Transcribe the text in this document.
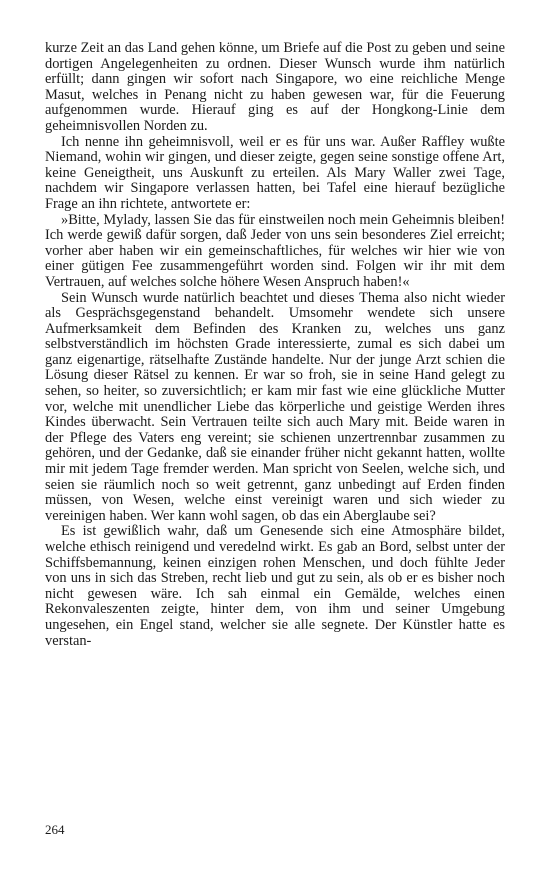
kurze Zeit an das Land gehen könne, um Briefe auf die Post zu geben und seine dortigen Angelegenheiten zu ordnen. Dieser Wunsch wurde ihm natürlich erfüllt; dann gingen wir sofort nach Singapore, wo eine reichliche Menge Masut, welches in Penang nicht zu haben gewesen war, für die Feuerung aufgenommen wurde. Hierauf ging es auf der Hongkong-Linie dem geheimnisvollen Norden zu.

Ich nenne ihn geheimnisvoll, weil er es für uns war. Außer Raffley wußte Niemand, wohin wir gingen, und dieser zeigte, gegen seine sonstige offene Art, keine Geneigtheit, uns Auskunft zu erteilen. Als Mary Waller zwei Tage, nachdem wir Singapore verlassen hatten, bei Tafel eine hierauf bezügliche Frage an ihn richtete, antwortete er:

»Bitte, Mylady, lassen Sie das für einstweilen noch mein Geheimnis bleiben! Ich werde gewiß dafür sorgen, daß Jeder von uns sein besonderes Ziel erreicht; vorher aber haben wir ein gemeinschaftliches, für welches wir hier wie von einer gütigen Fee zusammengeführt worden sind. Folgen wir ihr mit dem Vertrauen, auf welches solche höhere Wesen Anspruch haben!«

Sein Wunsch wurde natürlich beachtet und dieses Thema also nicht wieder als Gesprächsgegenstand behandelt. Umsomehr wendete sich unsere Aufmerksamkeit dem Befinden des Kranken zu, welches uns ganz selbstverständlich im höchsten Grade interessierte, zumal es sich dabei um ganz eigenartige, rätselhafte Zustände handelte. Nur der junge Arzt schien die Lösung dieser Rätsel zu kennen. Er war so froh, sie in seine Hand gelegt zu sehen, so heiter, so zuversichtlich; er kam mir fast wie eine glückliche Mutter vor, welche mit unendlicher Liebe das körperliche und geistige Werden ihres Kindes überwacht. Sein Vertrauen teilte sich auch Mary mit. Beide waren in der Pflege des Vaters eng vereint; sie schienen unzertrennbar zusammen zu gehören, und der Gedanke, daß sie einander früher nicht gekannt hatten, wollte mir mit jedem Tage fremder werden. Man spricht von Seelen, welche sich, und seien sie räumlich noch so weit getrennt, ganz unbedingt auf Erden finden müssen, von Wesen, welche einst vereinigt waren und sich wieder zu vereinigen haben. Wer kann wohl sagen, ob das ein Aberglaube sei?

Es ist gewißlich wahr, daß um Genesende sich eine Atmosphäre bildet, welche ethisch reinigend und veredelnd wirkt. Es gab an Bord, selbst unter der Schiffsbemannung, keinen einzigen rohen Menschen, und doch fühlte Jeder von uns in sich das Streben, recht lieb und gut zu sein, als ob er es bisher noch nicht gewesen wäre. Ich sah einmal ein Gemälde, welches einen Rekonvaleszenten zeigte, hinter dem, von ihm und seiner Umgebung ungesehen, ein Engel stand, welcher sie alle segnete. Der Künstler hatte es verstan-

264
